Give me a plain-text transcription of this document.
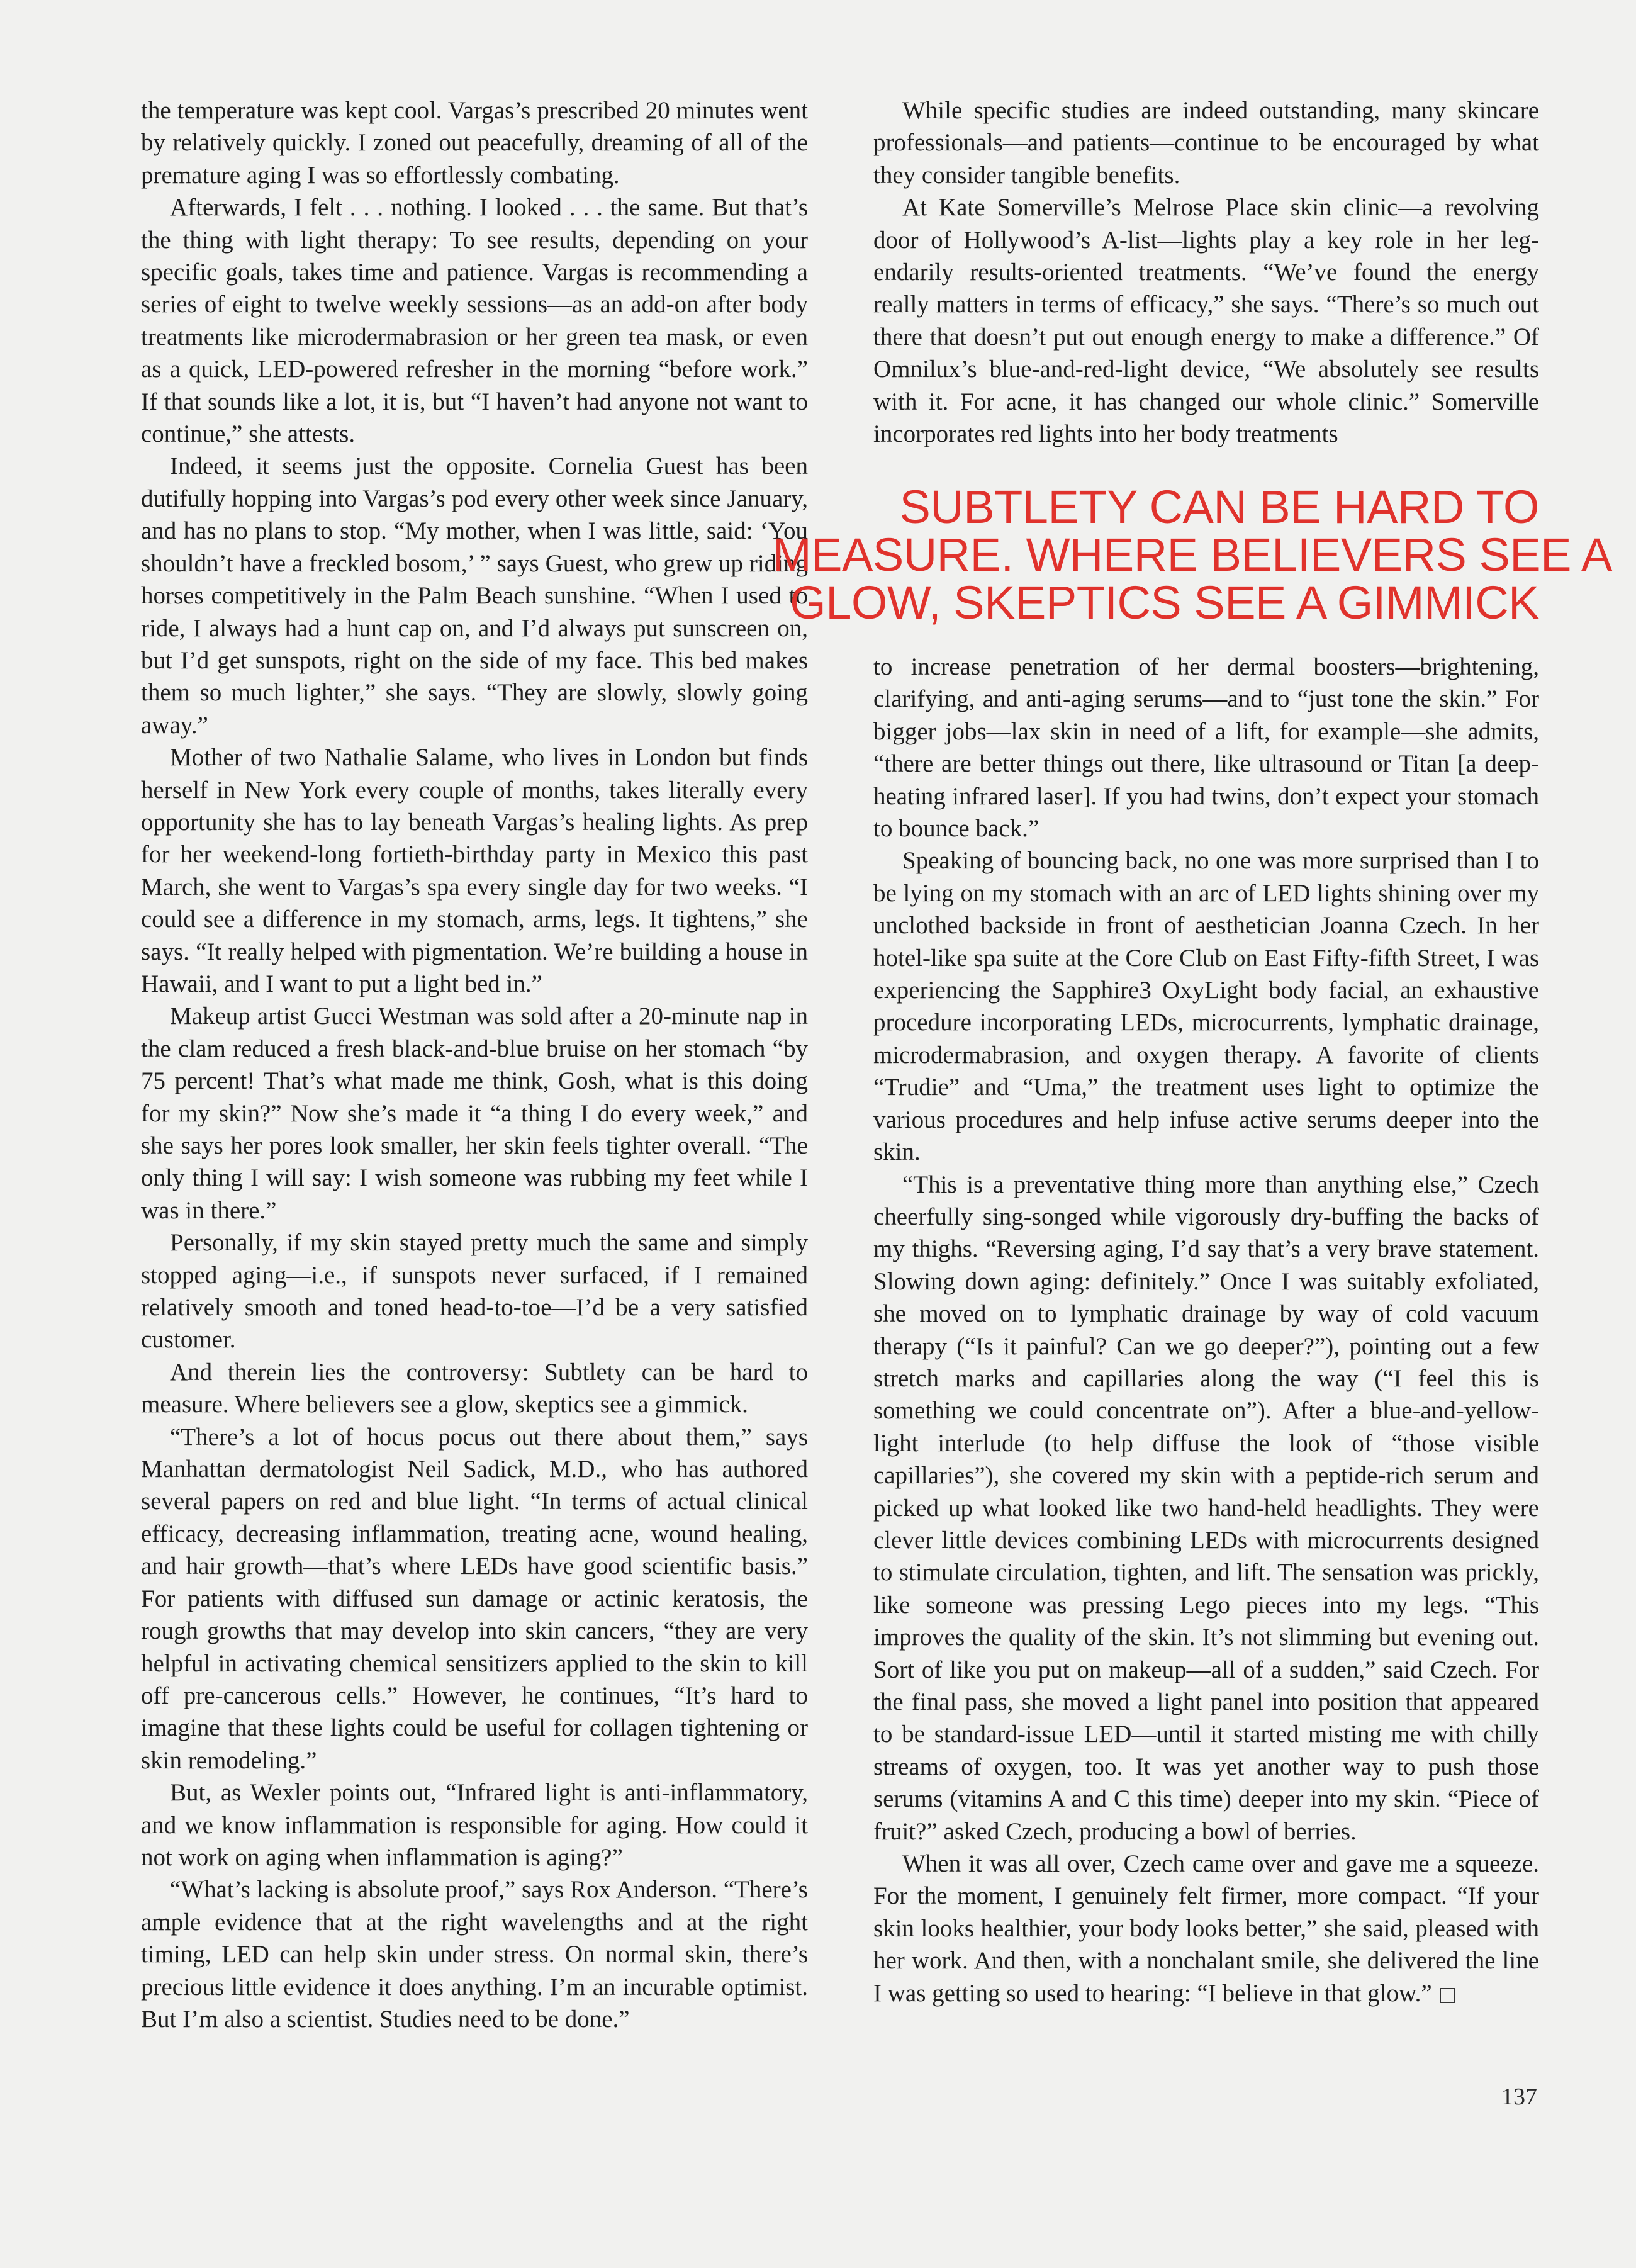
the temperature was kept cool. Vargas’s prescribed 20 minutes went by relatively quickly. I zoned out peacefully, dreaming of all of the premature aging I was so effortlessly combating.

Afterwards, I felt . . . nothing. I looked . . . the same. But that’s the thing with light therapy: To see results, depending on your specific goals, takes time and patience. Vargas is recommending a series of eight to twelve weekly sessions—as an add-on after body treatments like microdermabrasion or her green tea mask, or even as a quick, LED-powered refresher in the morning “before work.” If that sounds like a lot, it is, but “I haven’t had anyone not want to continue,” she attests.

Indeed, it seems just the opposite. Cornelia Guest has been dutifully hopping into Vargas’s pod every other week since January, and has no plans to stop. “My mother, when I was little, said: ‘You shouldn’t have a freckled bosom,’ ” says Guest, who grew up riding horses competitively in the Palm Beach sunshine. “When I used to ride, I always had a hunt cap on, and I’d always put sunscreen on, but I’d get sunspots, right on the side of my face. This bed makes them so much lighter,” she says. “They are slowly, slowly going away.”

Mother of two Nathalie Salame, who lives in London but finds herself in New York every couple of months, takes literally every opportunity she has to lay beneath Vargas’s healing lights. As prep for her weekend-long fortieth-birthday party in Mexico this past March, she went to Vargas’s spa every single day for two weeks. “I could see a difference in my stomach, arms, legs. It tightens,” she says. “It really helped with pigmentation. We’re building a house in Hawaii, and I want to put a light bed in.”

Makeup artist Gucci Westman was sold after a 20-minute nap in the clam reduced a fresh black-and-blue bruise on her stomach “by 75 percent! That’s what made me think, Gosh, what is this doing for my skin?” Now she’s made it “a thing I do every week,” and she says her pores look smaller, her skin feels tighter overall. “The only thing I will say: I wish someone was rubbing my feet while I was in there.”

Personally, if my skin stayed pretty much the same and simply stopped aging—i.e., if sunspots never surfaced, if I remained relatively smooth and toned head-to-toe—I’d be a very satisfied customer.

And therein lies the controversy: Subtlety can be hard to measure. Where believers see a glow, skeptics see a gimmick.

“There’s a lot of hocus pocus out there about them,” says Manhattan dermatologist Neil Sadick, M.D., who has authored several papers on red and blue light. “In terms of actual clinical efficacy, decreasing inflammation, treating acne, wound healing, and hair growth—that’s where LEDs have good scientific basis.” For patients with diffused sun damage or actinic keratosis, the rough growths that may develop into skin cancers, “they are very helpful in activating chemical sensitizers applied to the skin to kill off pre-cancerous cells.” However, he continues, “It’s hard to imagine that these lights could be useful for collagen tightening or skin remodeling.”

But, as Wexler points out, “Infrared light is anti-inflammatory, and we know inflammation is responsible for aging. How could it not work on aging when inflammation is aging?”

“What’s lacking is absolute proof,” says Rox Anderson. “There’s ample evidence that at the right wavelengths and at the right timing, LED can help skin under stress. On normal skin, there’s precious little evidence it does anything. I’m an incurable optimist. But I’m also a scientist. Studies need to be done.”

While specific studies are indeed outstanding, many skincare professionals—and patients—continue to be encouraged by what they consider tangible benefits.

At Kate Somerville’s Melrose Place skin clinic—a revolving door of Hollywood’s A-list—lights play a key role in her legendarily results-oriented treatments. “We’ve found the energy really matters in terms of efficacy,” she says. “There’s so much out there that doesn’t put out enough energy to make a difference.” Of Omnilux’s blue-and-red-light device, “We absolutely see results with it. For acne, it has changed our whole clinic.” Somerville incorporates red lights into her body treatments

SUBTLETY CAN BE HARD TO
MEASURE. WHERE BELIEVERS SEE A
GLOW, SKEPTICS SEE A GIMMICK

to increase penetration of her dermal boosters—brightening, clarifying, and anti-aging serums—and to “just tone the skin.” For bigger jobs—lax skin in need of a lift, for example—she admits, “there are better things out there, like ultrasound or Titan [a deep-heating infrared laser]. If you had twins, don’t expect your stomach to bounce back.”

Speaking of bouncing back, no one was more surprised than I to be lying on my stomach with an arc of LED lights shining over my unclothed backside in front of aesthetician Joanna Czech. In her hotel-like spa suite at the Core Club on East Fifty-fifth Street, I was experiencing the Sapphire3 OxyLight body facial, an exhaustive procedure incorporating LEDs, microcurrents, lymphatic drainage, microdermabrasion, and oxygen therapy. A favorite of clients “Trudie” and “Uma,” the treatment uses light to optimize the various procedures and help infuse active serums deeper into the skin.

“This is a preventative thing more than anything else,” Czech cheerfully sing-songed while vigorously dry-buffing the backs of my thighs. “Reversing aging, I’d say that’s a very brave statement. Slowing down aging: definitely.” Once I was suitably exfoliated, she moved on to lymphatic drainage by way of cold vacuum therapy (“Is it painful? Can we go deeper?”), pointing out a few stretch marks and capillaries along the way (“I feel this is something we could concentrate on”). After a blue-and-yellow-light interlude (to help diffuse the look of “those visible capillaries”), she covered my skin with a peptide-rich serum and picked up what looked like two hand-held headlights. They were clever little devices combining LEDs with microcurrents designed to stimulate circulation, tighten, and lift. The sensation was prickly, like someone was pressing Lego pieces into my legs. “This improves the quality of the skin. It’s not slimming but evening out. Sort of like you put on makeup—all of a sudden,” said Czech. For the final pass, she moved a light panel into position that appeared to be standard-issue LED—until it started misting me with chilly streams of oxygen, too. It was yet another way to push those serums (vitamins A and C this time) deeper into my skin. “Piece of fruit?” asked Czech, producing a bowl of berries.

When it was all over, Czech came over and gave me a squeeze. For the moment, I genuinely felt firmer, more compact. “If your skin looks healthier, your body looks better,” she said, pleased with her work. And then, with a nonchalant smile, she delivered the line I was getting so used to hearing: “I believe in that glow.”

137
